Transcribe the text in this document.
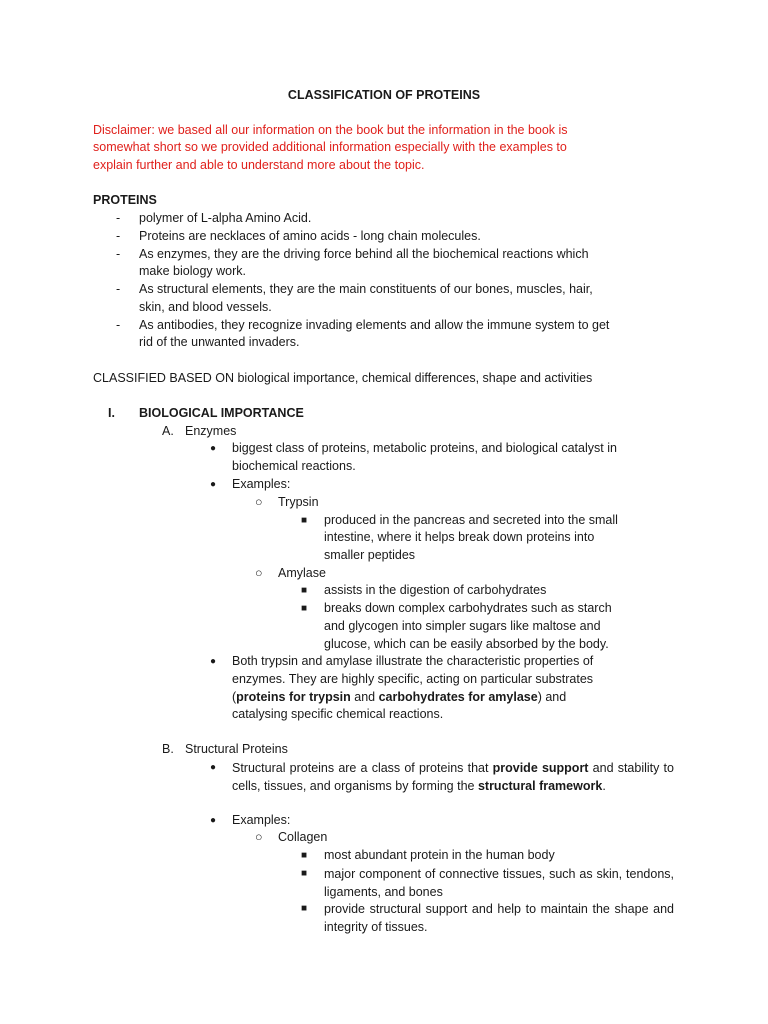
CLASSIFICATION OF PROTEINS
Disclaimer: we based all our information on the book but the information in the book is
somewhat short so we provided additional information especially with the examples to
explain further and able to understand more about the topic.
PROTEINS
- polymer of L-alpha Amino Acid.
- Proteins are necklaces of amino acids - long chain molecules.
- As enzymes, they are the driving force behind all the biochemical reactions which
make biology work.
- As structural elements, they are the main constituents of our bones, muscles, hair,
skin, and blood vessels.
- As antibodies, they recognize invading elements and allow the immune system to get
rid of the unwanted invaders.
CLASSIFIED BASED ON biological importance, chemical differences, shape and activities
I. BIOLOGICAL IMPORTANCE
A. Enzymes
● biggest class of proteins, metabolic proteins, and biological catalyst in
biochemical reactions.
● Examples:
○ Trypsin
■ produced in the pancreas and secreted into the small
intestine, where it helps break down proteins into
smaller peptides
○ Amylase
■ assists in the digestion of carbohydrates
■ breaks down complex carbohydrates such as starch
and glycogen into simpler sugars like maltose and
glucose, which can be easily absorbed by the body.
● Both trypsin and amylase illustrate the characteristic properties of
enzymes. They are highly specific, acting on particular substrates
(proteins for trypsin and carbohydrates for amylase) and
catalysing specific chemical reactions.
B. Structural Proteins
● Structural proteins are a class of proteins that provide support and stability to cells, tissues, and organisms by forming the structural framework.
● Examples:
○ Collagen
■ most abundant protein in the human body
■ major component of connective tissues, such as skin, tendons, ligaments, and bones
■ provide structural support and help to maintain the shape and integrity of tissues.
